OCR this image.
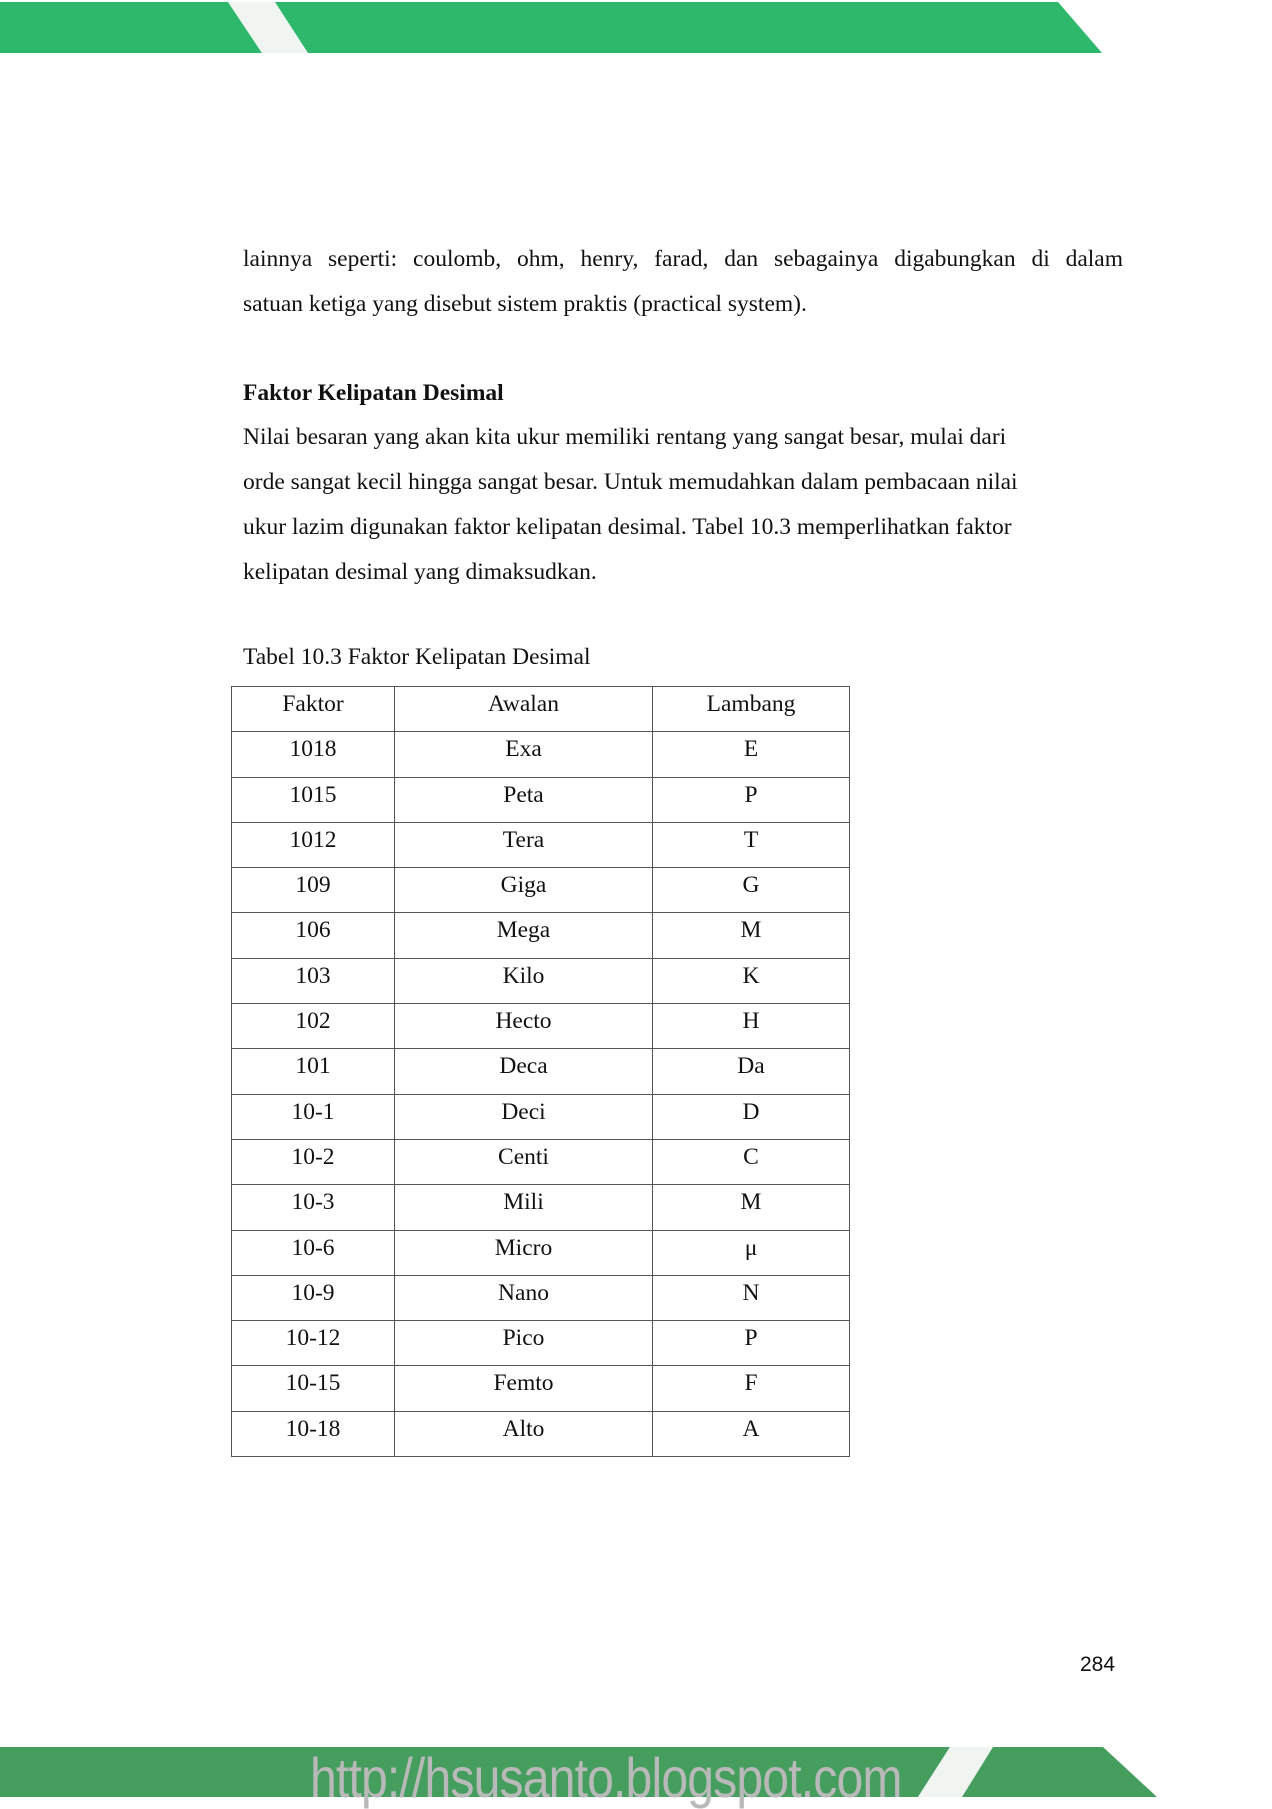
lainnya seperti: coulomb, ohm, henry, farad, dan sebagainya digabungkan di dalam
satuan ketiga yang disebut sistem praktis (practical system).
Faktor Kelipatan Desimal
Nilai besaran yang akan kita ukur memiliki rentang yang sangat besar, mulai dari
orde sangat kecil hingga sangat besar. Untuk memudahkan dalam pembacaan nilai
ukur lazim digunakan faktor kelipatan desimal. Tabel 10.3 memperlihatkan faktor
kelipatan desimal yang dimaksudkan.
Tabel 10.3 Faktor Kelipatan Desimal
Faktor	Awalan	Lambang
1018	Exa	E
1015	Peta	P
1012	Tera	T
109	Giga	G
106	Mega	M
103	Kilo	K
102	Hecto	H
101	Deca	Da
10-1	Deci	D
10-2	Centi	C
10-3	Mili	M
10-6	Micro	μ
10-9	Nano	N
10-12	Pico	P
10-15	Femto	F
10-18	Alto	A
284
http://hsusanto.blogspot.com
